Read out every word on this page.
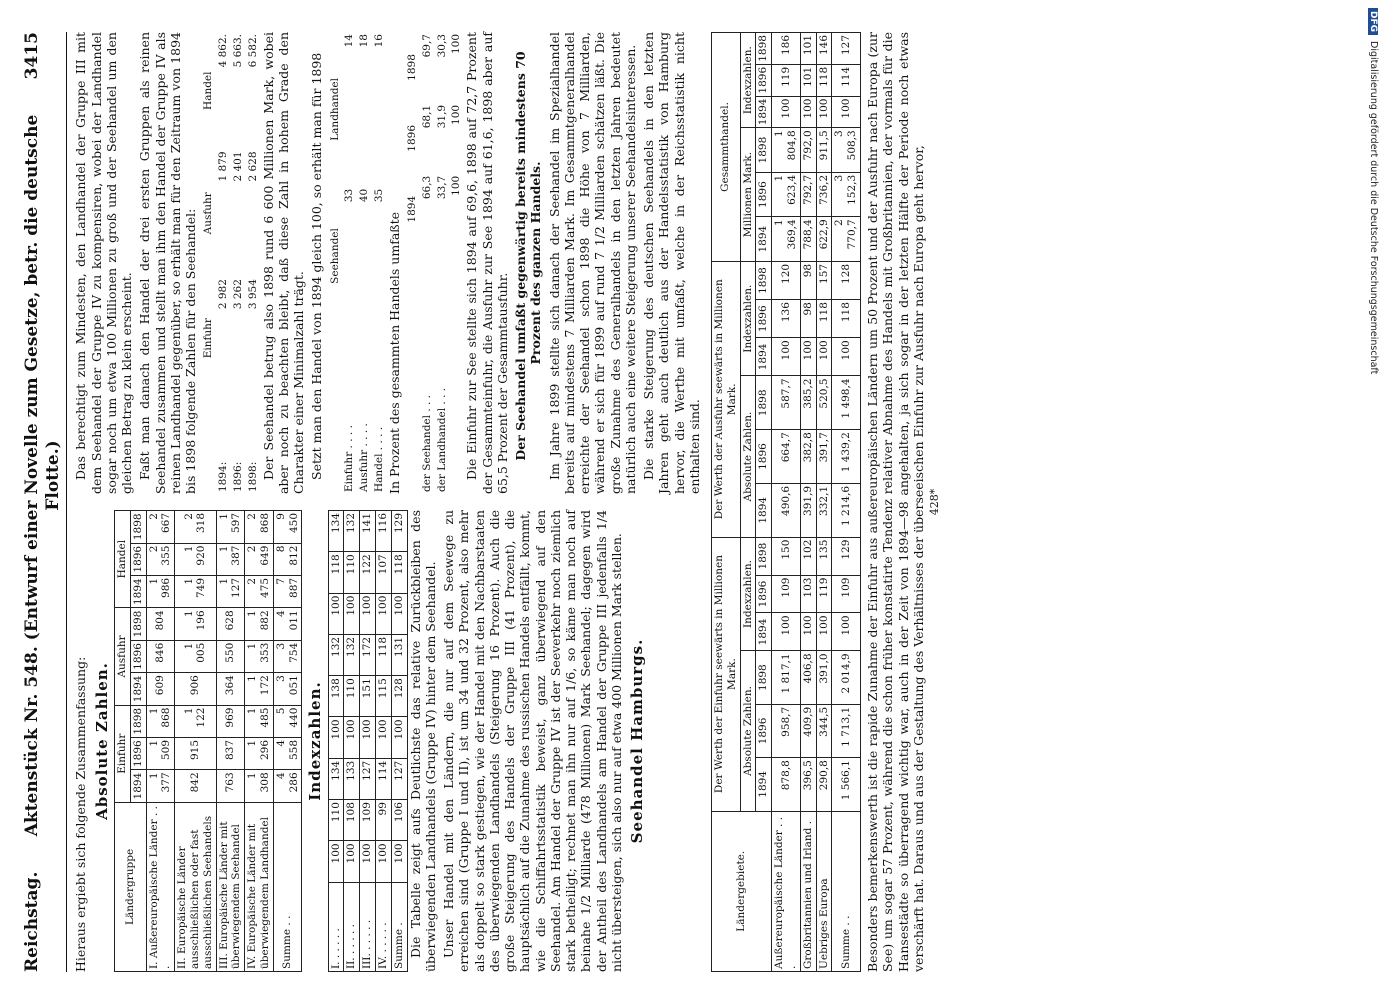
Reichstag.
Aktenstück Nr. 548. (Entwurf einer Novelle zum Gesetze, betr. die deutsche Flotte.)
3415

Hieraus ergiebt sich folgende Zusammenfassung: Absolute Zahlen.
Ländergruppe	Einfuhr			Ausfuhr			Handel		
	1894	1896	1898	1894	1896	1898	1894	1896	1898
I. Außereuropäische Länder . . .	1 377	1 509	1 868	609	846	804	1 986	2 355	2 667
II. Europäische Länder ausschließlichen oder fast ausschließlichen Seehandels	842	915	1 122	906	1 005	1 196	1 749	1 920	2 318
III. Europäische Länder mit überwiegendem Seehandel	763	837	969	364	550	628	1 127	1 387	1 597
IV. Europäische Länder mit überwiegendem Landhandel	1 308	1 296	1 485	1 172	1 353	1 882	2 475	2 649	2 868
Summe . .	4 286	4 558	5 440	3 051	3 754	4 011	7 887	8 812	9 450
Indexzahlen.
I. . . . . .	100	110	134	100	138	132	100	118	134
II. . . . . .	100	108	133	100	110	132	100	110	132
III. . . . . .	100	109	127	100	151	172	100	122	141
IV. . . . . .	100	99	114	100	115	118	100	107	116
Summe .	100	106	127	100	128	131	100	118	129 Die Tabelle zeigt aufs Deutlichste das relative Zurückbleiben des überwiegenden Landhandels (Gruppe IV) hinter dem Seehandel. Unser Handel mit den Ländern, die nur auf dem Seewege zu erreichen sind (Gruppe I und II), ist um 34 und 32 Prozent, also mehr als doppelt so stark gestiegen, wie der Handel mit den Nachbarstaaten des überwiegenden Landhandels (Steigerung 16 Prozent). Auch die große Steigerung des Handels der Gruppe III (41 Prozent), die hauptsächlich auf die Zunahme des russischen Handels entfällt, kommt, wie die Schiffahrtsstatistik beweist, ganz überwiegend auf den Seehandel. Am Handel der Gruppe IV ist der Seeverkehr noch ziemlich stark betheiligt; rechnet man ihn nur auf 1/6, so käme man noch auf beinahe 1/2 Milliarde (478 Millionen) Mark Seehandel; dagegen wird der Antheil des Landhandels am Handel der Gruppe III jedenfalls 1/4 nicht übersteigen, sich also nur auf etwa 400 Millionen Mark stellen. Seehandel Hamburgs.

Das berechtigt zum Mindesten, den Landhandel der Gruppe III mit dem Seehandel der Gruppe IV zu kompensiren, wobei der Landhandel sogar noch um etwa 100 Millionen zu groß und der Seehandel um den gleichen Betrag zu klein erscheint. Faßt man danach den Handel der drei ersten Gruppen als reinen Seehandel zusammen und stellt man ihm den Handel der Gruppe IV als reinen Landhandel gegenüber, so erhält man für den Zeitraum von 1894 bis 1898 folgende Zahlen für den Seehandel:

	Einfuhr	Ausfuhr	Handel
1894:	2 982	1 879	4 862.
1896:	3 262	2 401	5 663.
1898:	3 954	2 628	6 582. Der Seehandel betrug also 1898 rund 6 600 Millionen Mark, wobei aber noch zu beachten bleibt, daß diese Zahl in hohem Grade den Charakter einer Minimalzahl trägt. Setzt man den Handel von 1894 gleich 100, so erhält man für 1898

	Seehandel	Landhandel
Einfuhr . . . .	33	14
Ausfuhr . . . .	40	18
Handel . . . .	35	16

In Prozent des gesammten Handels umfaßte

	1894	1896	1898
der Seehandel . . .	66,3	68,1	69,7
der Landhandel . . .	33,7	31,9	30,3
	100	100	100 Die Einfuhr zur See stellte sich 1894 auf 69,6, 1898 auf 72,7 Prozent der Gesammteinfuhr, die Ausfuhr zur See 1894 auf 61,6, 1898 aber auf 65,5 Prozent der Gesammtausfuhr. Der Seehandel umfaßt gegenwärtig bereits mindestens 70 Prozent des ganzen Handels. Im Jahre 1899 stellte sich danach der Seehandel im Spezialhandel bereits auf mindestens 7 Milliarden Mark. Im Gesammtgeneralhandel erreichte der Seehandel schon 1898 die Höhe von 7 Milliarden, während er sich für 1899 auf rund 7 1/2 Milliarden schätzen läßt. Die große Zunahme des Generalhandels in den letzten Jahren bedeutet natürlich auch eine weitere Steigerung unserer Seehandelsinteressen. Die starke Steigerung des deutschen Seehandels in den letzten Jahren geht auch deutlich aus der Handelsstatistik von Hamburg hervor, die Werthe mit umfaßt, welche in der Reichsstatistik nicht enthalten sind.

Ländergebiete.	Der Werth der Einfuhr seewärts in Millionen Mark.						Der Werth der Ausfuhr seewärts in Millionen Mark.						Gesammthandel.					
	Absolute Zahlen.			Indexzahlen.			Absolute Zahlen.			Indexzahlen.			Millionen Mark.			Indexzahlen.		
	1894	1896	1898	1894	1896	1898	1894	1896	1898	1894	1896	1898	1894	1896	1898	1894	1896	1898
Außereuropäische Länder . . .	878,8	958,7	1 817,1	100	109	150	490,6	664,7	587,7	100	136	120	1 369,4	1 623,4	1 804,8	100	119	186
Großbritannien und Irland .	396,5	409,9	406,8	100	103	102	391,9	382,8	385,2	100	98	98	788,4	792,7	792,0	100	101	101
Uebriges Europa	290,8	344,5	391,0	100	119	135	332,1	391,7	520,5	100	118	157	622,9	736,2	911,5	100	118	146
Summe . .	1 566,1	1 713,1	2 014,9	100	109	129	1 214,6	1 439,2	1 498,4	100	118	128	2 770,7	3 152,3	3 508,3	100	114	127 Besonders bemerkenswerth ist die rapide Zunahme der Einfuhr aus außereuropäischen Ländern um 50 Prozent und der Ausfuhr nach Europa (zur See) um sogar 57 Prozent, während die schon früher konstatirte Tendenz relativer Abnahme des Handels mit Großbritannien, der vormals für die Hansestädte so überragend wichtig war, auch in der Zeit von 1894—98 angehalten, ja sich sogar in der letzten Hälfte der Periode noch etwas verschärft hat. Daraus und aus der Gestaltung des Verhältnisses der überseeischen Einfuhr zur Ausfuhr nach Europa geht hervor, 428*
DFGDigitalisierung gefördert durch die Deutsche Forschungsgemeinschaft
